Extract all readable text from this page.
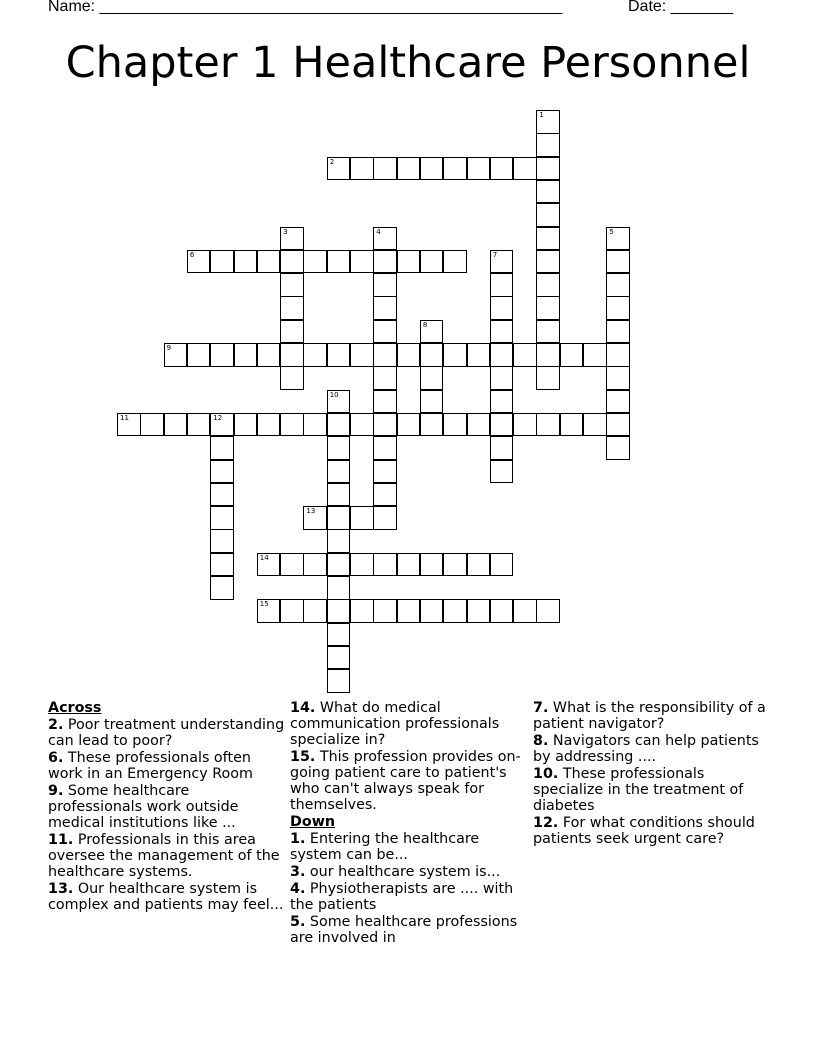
Name: ____________________________________________________	Date: _______
Chapter 1 Healthcare Personnel
1
2
3	4	5
6	7
8
9
10
11	12
13
14
15
Across
2. Poor treatment understanding can lead to poor?
6. These professionals often work in an Emergency Room
9. Some healthcare professionals work outside medical institutions like ...
11. Professionals in this area oversee the management of the healthcare systems.
13. Our healthcare system is complex and patients may feel...
14. What do medical communication professionals specialize in?
15. This profession provides on-going patient care to patient's who can't always speak for themselves.
Down
1. Entering the healthcare system can be...
3. our healthcare system is...
4. Physiotherapists are .... with the patients
5. Some healthcare professions are involved in
7. What is the responsibility of a patient navigator?
8. Navigators can help patients by addressing ....
10. These professionals specialize in the treatment of diabetes
12. For what conditions should patients seek urgent care?
